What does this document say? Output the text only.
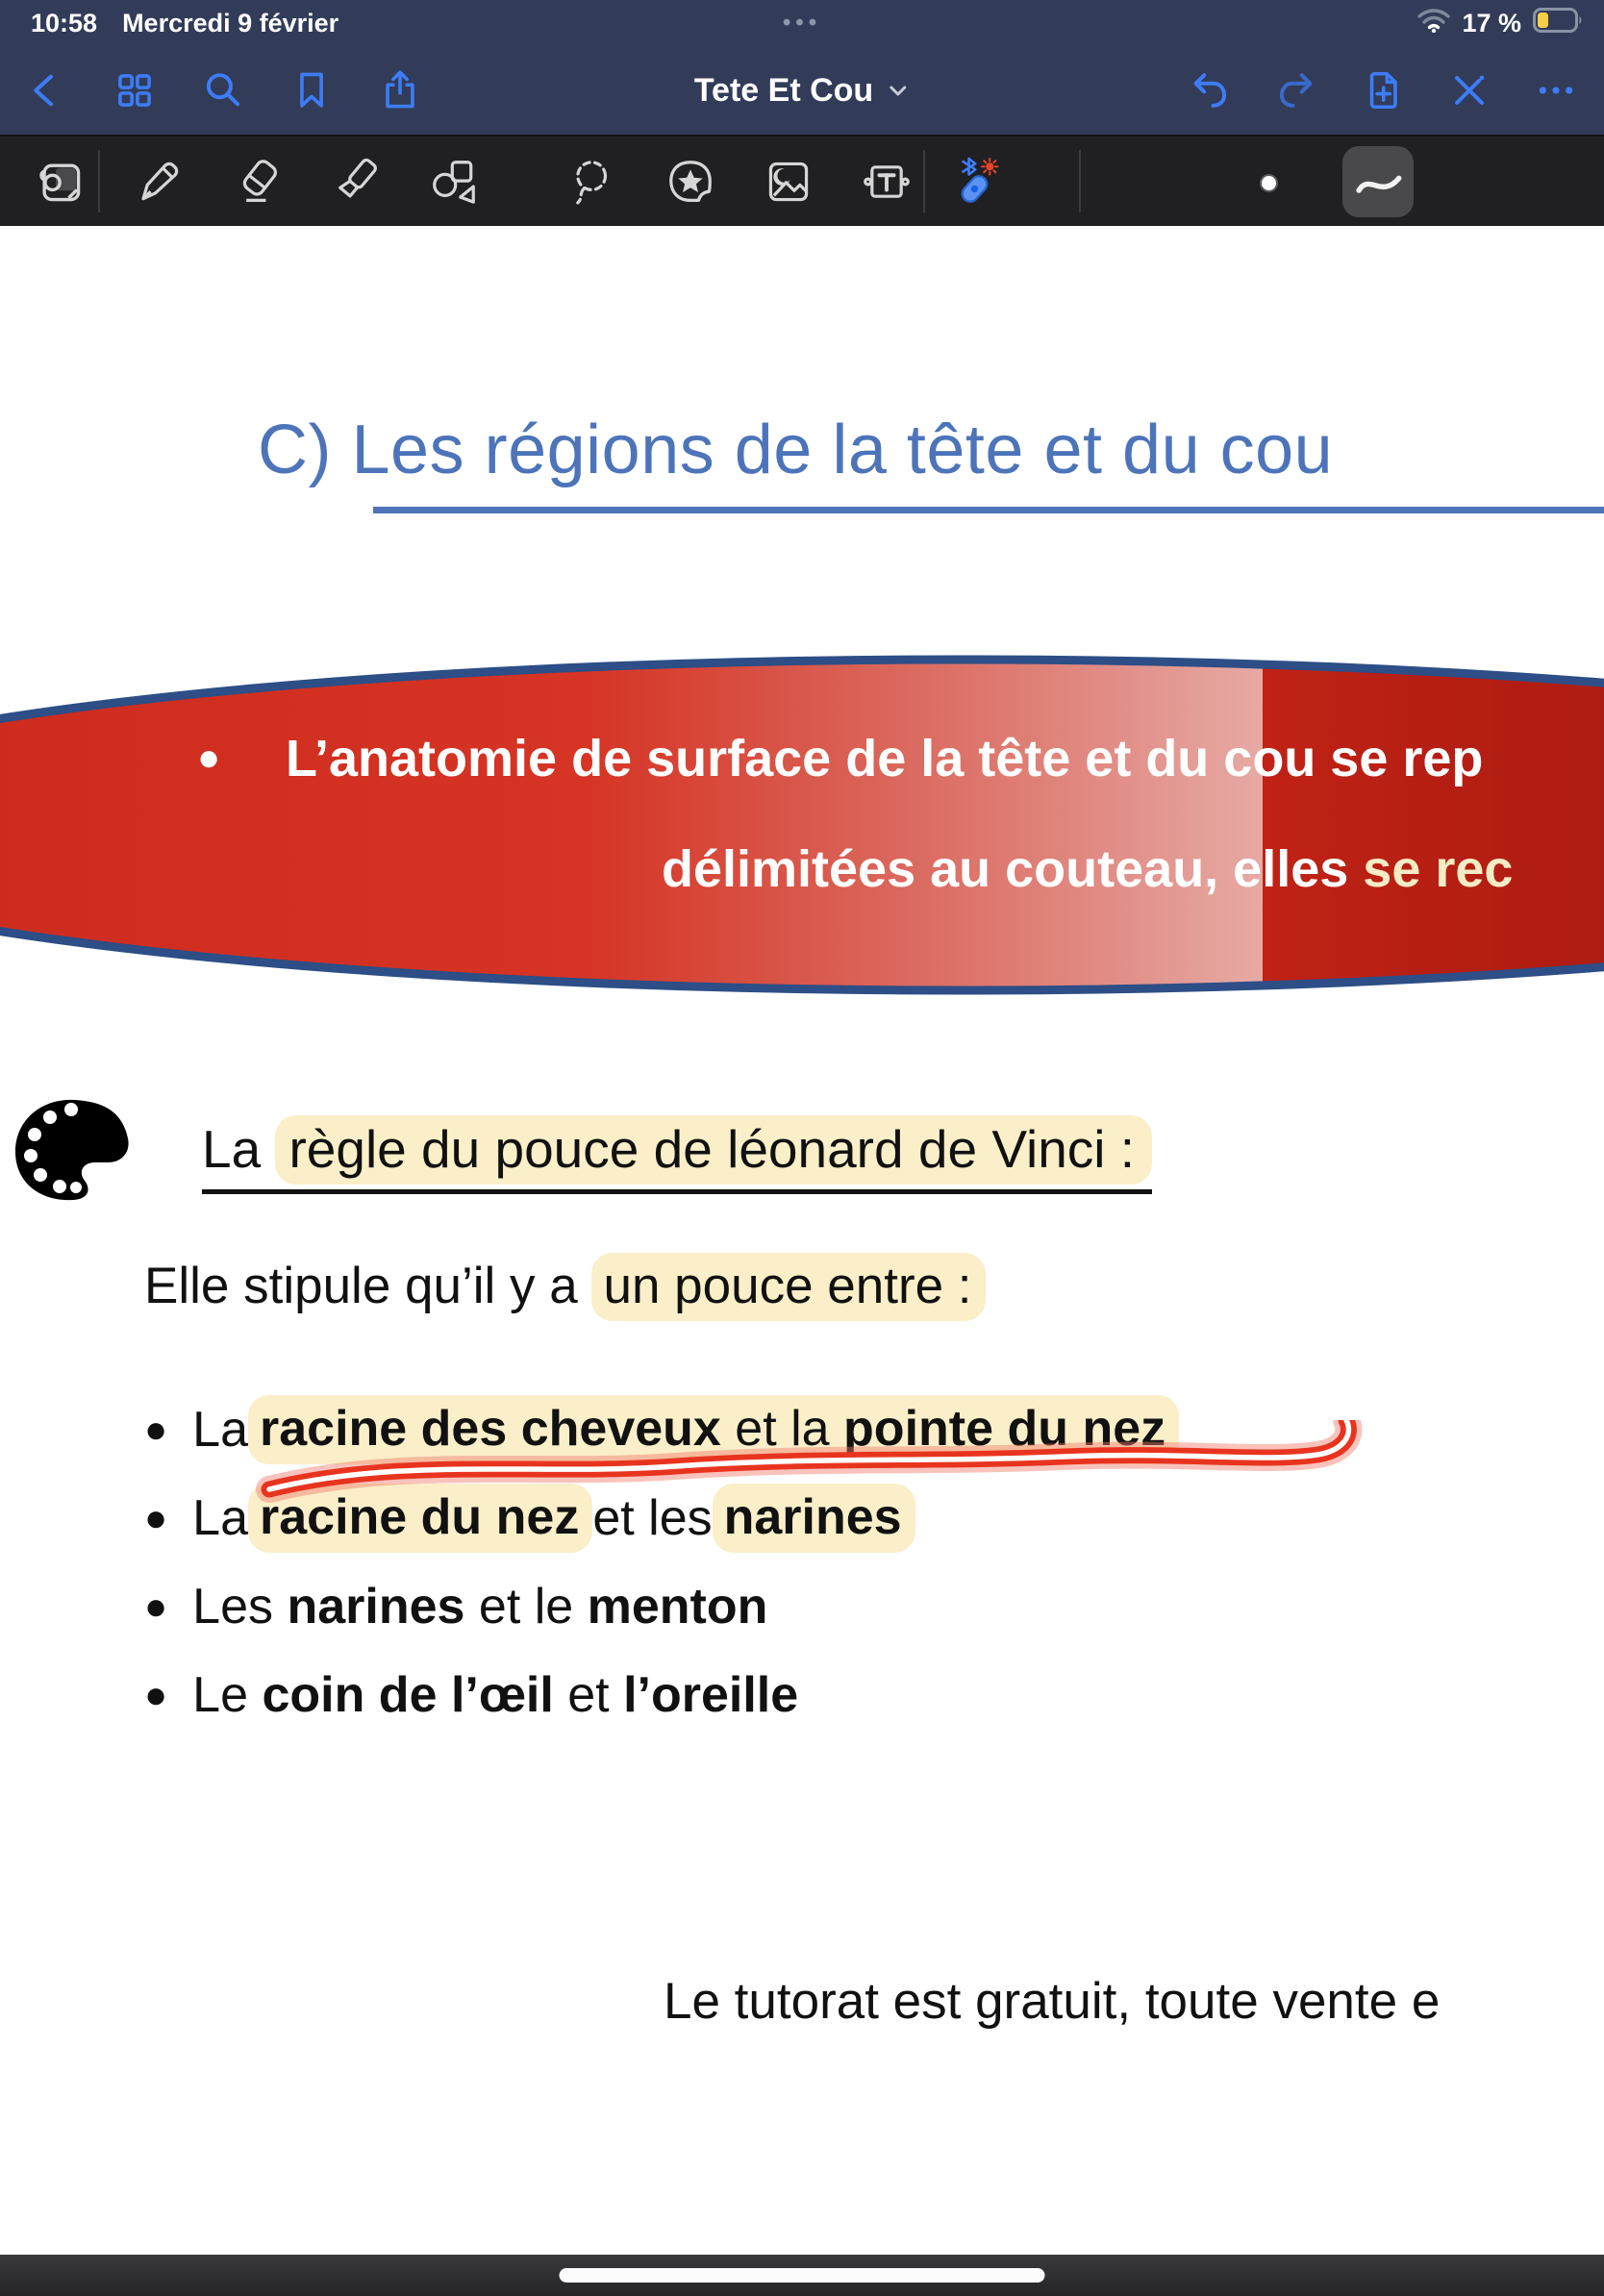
10:58 Mercredi 9 février	•••	17 %
Tete Et Cou
C) Les régions de la tête et du cou
● L’anatomie de surface de la tête et du cou se rep
délimitées au couteau, elles se rec
La règle du pouce de léonard de Vinci :
Elle stipule qu’il y a un pouce entre :
● La racine des cheveux et la pointe du nez
● La racine du nez et les narines
● Les narines et le menton
● Le coin de l’œil et l’oreille
Le tutorat est gratuit, toute vente e
